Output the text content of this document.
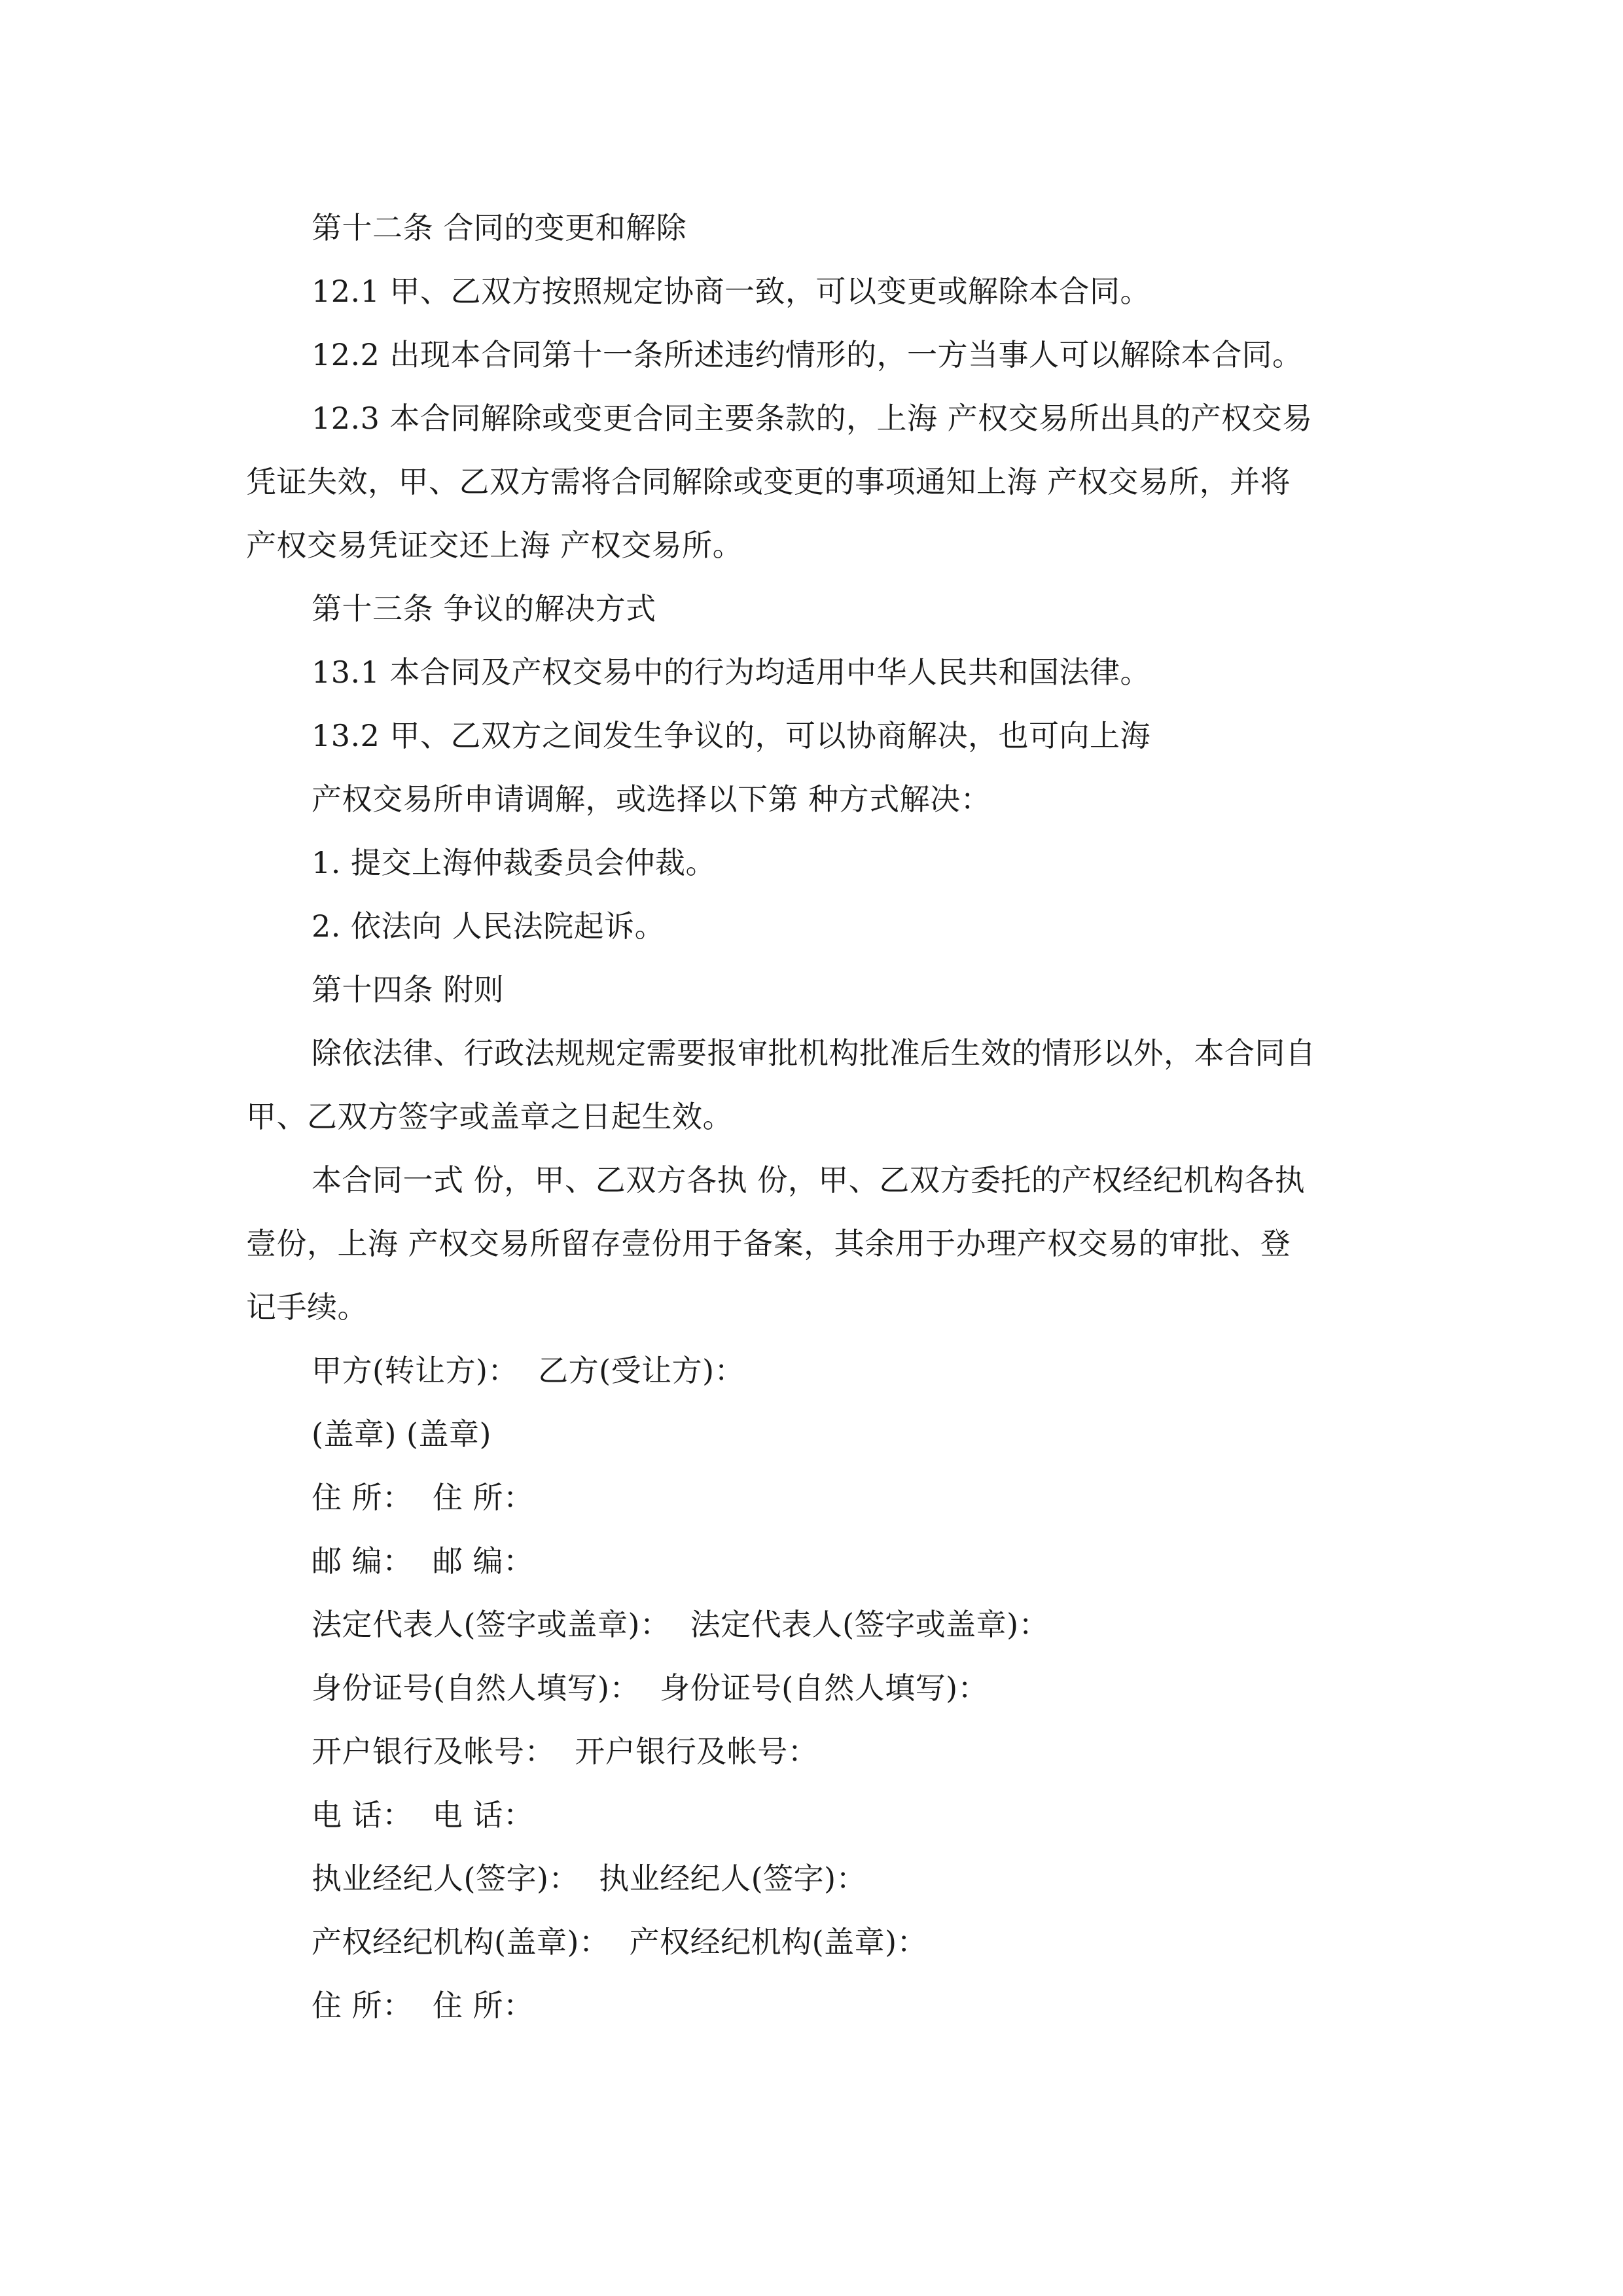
第十二条 合同的变更和解除
12.1 甲、乙双方按照规定协商一致，可以变更或解除本合同。
12.2 出现本合同第十一条所述违约情形的，一方当事人可以解除本合同。
12.3 本合同解除或变更合同主要条款的，上海 产权交易所出具的产权交易
凭证失效，甲、乙双方需将合同解除或变更的事项通知上海 产权交易所，并将
产权交易凭证交还上海 产权交易所。
第十三条 争议的解决方式
13.1 本合同及产权交易中的行为均适用中华人民共和国法律。
13.2 甲、乙双方之间发生争议的，可以协商解决，也可向上海
产权交易所申请调解，或选择以下第 种方式解决：
1. 提交上海仲裁委员会仲裁。
2. 依法向 人民法院起诉。
第十四条 附则
除依法律、行政法规规定需要报审批机构批准后生效的情形以外，本合同自
甲、乙双方签字或盖章之日起生效。
本合同一式 份，甲、乙双方各执 份，甲、乙双方委托的产权经纪机构各执
壹份，上海 产权交易所留存壹份用于备案，其余用于办理产权交易的审批、登
记手续。
甲方(转让方)：  乙方(受让方)：
(盖章) (盖章)
住 所：  住 所：
邮 编：  邮 编：
法定代表人(签字或盖章)：  法定代表人(签字或盖章)：
身份证号(自然人填写)：  身份证号(自然人填写)：
开户银行及帐号：  开户银行及帐号：
电 话：  电 话：
执业经纪人(签字)：  执业经纪人(签字)：
产权经纪机构(盖章)：  产权经纪机构(盖章)：
住 所：  住 所：
